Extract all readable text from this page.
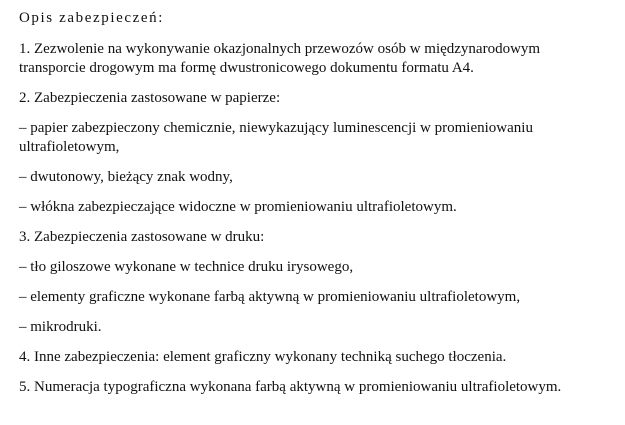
Opis zabezpieczeń:

1. Zezwolenie na wykonywanie okazjonalnych przewozów osób w międzynarodowym

transporcie drogowym ma formę dwustronicowego dokumentu formatu A4.

2. Zabezpieczenia zastosowane w papierze:

– papier zabezpieczony chemicznie, niewykazujący luminescencji w promieniowaniu

ultrafioletowym,

– dwutonowy, bieżący znak wodny,

– włókna zabezpieczające widoczne w promieniowaniu ultrafioletowym.

3. Zabezpieczenia zastosowane w druku:

– tło giloszowe wykonane w technice druku irysowego,

– elementy graficzne wykonane farbą aktywną w promieniowaniu ultrafioletowym,

– mikrodruki.

4. Inne zabezpieczenia: element graficzny wykonany techniką suchego tłoczenia.

5. Numeracja typograficzna wykonana farbą aktywną w promieniowaniu ultrafioletowym.
